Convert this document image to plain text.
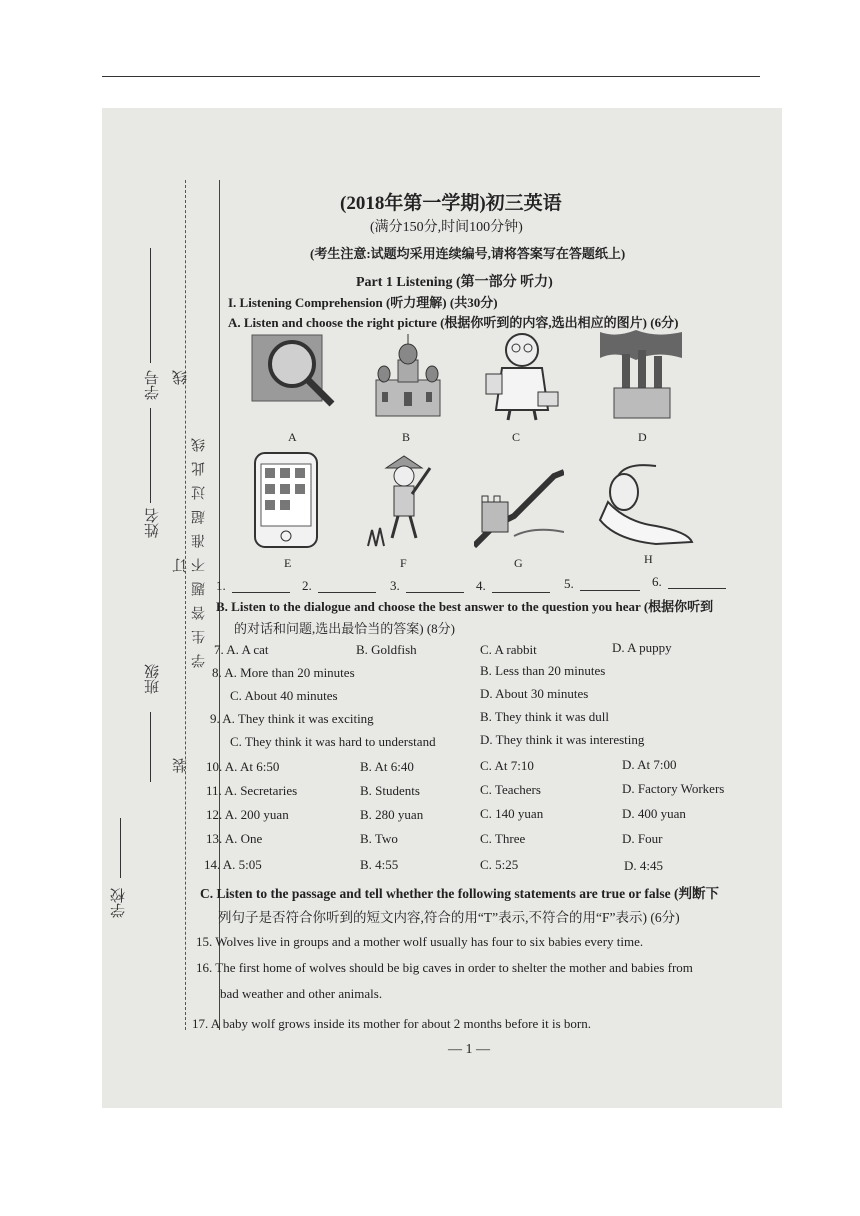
学校
班级
姓名
学号 线
订
装
学生答题不准超过此线
(2018年第一学期)初三英语
(满分150分,时间100分钟)
(考生注意:试题均采用连续编号,请将答案写在答题纸上)
Part 1 Listening (第一部分 听力)
I. Listening Comprehension (听力理解) (共30分)
A. Listen and choose the right picture (根据你听到的内容,选出相应的图片) (6分)
A	B	C	D
E	F	G	H
1.	2.	3.	4.	5.	6.
B. Listen to the dialogue and choose the best answer to the question you hear (根据你听到
的对话和问题,选出最恰当的答案) (8分)
7. A. A cat	B. Goldfish	C. A rabbit	D. A puppy
8. A. More than 20 minutes	B. Less than 20 minutes
C. About 40 minutes	D. About 30 minutes
9. A. They think it was exciting	B. They think it was dull
C. They think it was hard to understand	D. They think it was interesting
10. A. At 6:50	B. At 6:40	C. At 7:10	D. At 7:00
11. A. Secretaries	B. Students	C. Teachers	D. Factory Workers
12. A. 200 yuan	B. 280 yuan	C. 140 yuan	D. 400 yuan
13. A. One	B. Two	C. Three	D. Four
14. A. 5:05	B. 4:55	C. 5:25	D. 4:45
C. Listen to the passage and tell whether the following statements are true or false (判断下
列句子是否符合你听到的短文内容,符合的用“T”表示,不符合的用“F”表示) (6分)
15. Wolves live in groups and a mother wolf usually has four to six babies every time.
16. The first home of wolves should be big caves in order to shelter the mother and babies from
bad weather and other animals.
17. A baby wolf grows inside its mother for about 2 months before it is born.
— 1 —
